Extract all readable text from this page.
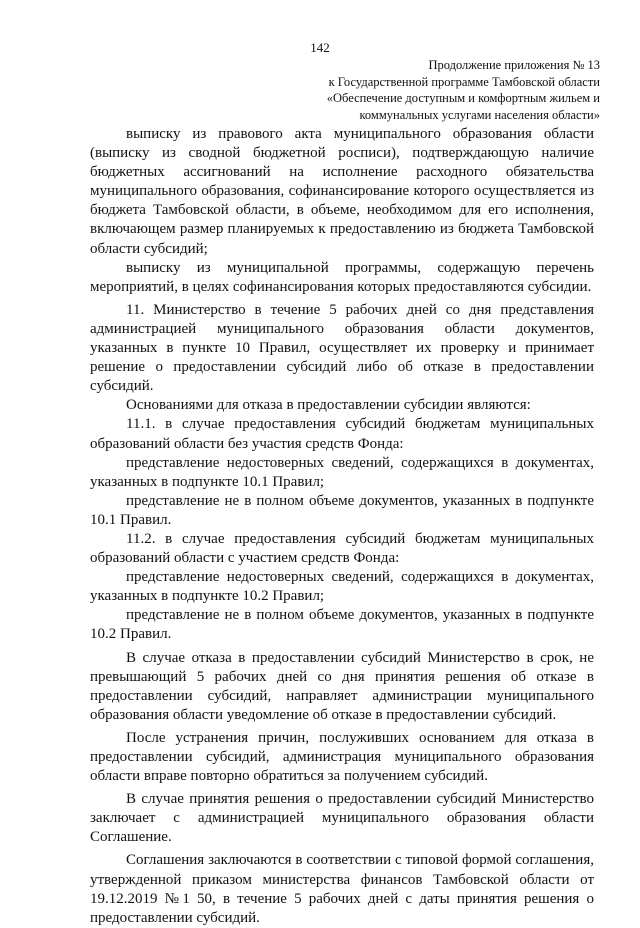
142
Продолжение приложения № 13
к Государственной программе Тамбовской области
«Обеспечение доступным и комфортным жильем и
коммунальных услугами населения области»

выписку из правового акта муниципального образования области (выписку из сводной бюджетной росписи), подтверждающую наличие бюджетных ассигнований на исполнение расходного обязательства муниципального образования, софинансирование которого осуществляется из бюджета Тамбовской области, в объеме, необходимом для его исполнения, включающем размер планируемых к предоставлению из бюджета Тамбовской области субсидий;

выписку из муниципальной программы, содержащую перечень мероприятий, в целях софинансирования которых предоставляются субсидии.

11. Министерство в течение 5 рабочих дней со дня представления администрацией муниципального образования области документов, указанных в пункте 10 Правил, осуществляет их проверку и принимает решение о предоставлении субсидий либо об отказе в предоставлении субсидий.

Основаниями для отказа в предоставлении субсидии являются:

11.1. в случае предоставления субсидий бюджетам муниципальных образований области без участия средств Фонда:

представление недостоверных сведений, содержащихся в документах, указанных в подпункте 10.1 Правил;

представление не в полном объеме документов, указанных в подпункте 10.1 Правил.

11.2. в случае предоставления субсидий бюджетам муниципальных образований области с участием средств Фонда:

представление недостоверных сведений, содержащихся в документах, указанных в подпункте 10.2 Правил;

представление не в полном объеме документов, указанных в подпункте 10.2 Правил.

В случае отказа в предоставлении субсидий Министерство в срок, не превышающий 5 рабочих дней со дня принятия решения об отказе в предоставлении субсидий, направляет администрации муниципального образования области уведомление об отказе в предоставлении субсидий.

После устранения причин, послуживших основанием для отказа в предоставлении субсидий, администрация муниципального образования области вправе повторно обратиться за получением субсидий.

В случае принятия решения о предоставлении субсидий Министерство заключает с администрацией муниципального образования области Соглашение.

Соглашения заключаются в соответствии с типовой формой соглашения, утвержденной приказом министерства финансов Тамбовской области от 19.12.2019 №1 50, в течение 5 рабочих дней с даты принятия решения о предоставлении субсидий.
